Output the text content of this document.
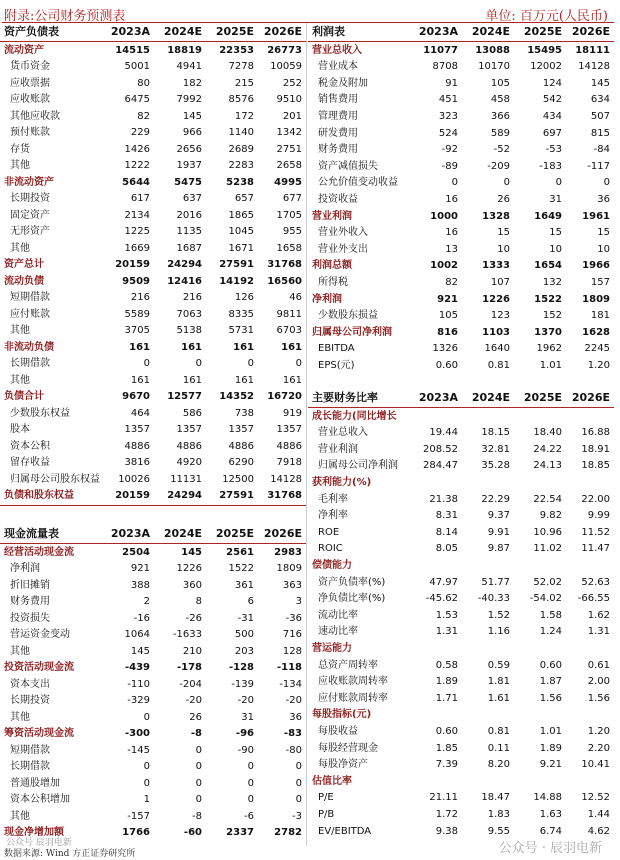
附录:公司财务预测表	单位: 百万元(人民币)
资产负债表	2023A	2024E	2025E 2026E
流动资产	14515	18819	22353	26773
货币资金	5001	4941	7278	10059
应收票据	80	182	215	252
应收账款	6475	7992	8576	9510
其他应收款	82	145	172	201
预付账款	229	966	1140	1342
存货	1426	2656	2689	2751
其他	1222	1937	2283	2658
非流动资产	5644	5475	5238	4995
长期投资	617	637	657	677
固定资产	2134	2016	1865	1705
无形资产	1225	1135	1045	955
其他	1669	1687	1671	1658
资产总计	20159	24294	27591	31768
流动负债	9509	12416	14192	16560
短期借款	216	216	126	46
应付账款	5589	7063	8335	9811
其他	3705	5138	5731	6703
非流动负债	161	161	161	161
长期借款	0	0	0	0
其他	161	161	161	161
负债合计	9670	12577	14352	16720
少数股东权益	464	586	738	919
股本	1357	1357	1357	1357
资本公积	4886	4886	4886	4886
留存收益	3816	4920	6290	7918
归属母公司股东权益	10026	11131	12500	14128
负债和股东权益	20159	24294	27591	31768
现金流量表	2023A	2024E	2025E 2026E
经营活动现金流	2504	145	2561	2983
净利润	921	1226	1522	1809
折旧摊销	388	360	361	363
财务费用	2	8	6	3
投资损失	-16	-26	-31	-36
营运资金变动	1064	-1633	500	716
其他	145	210	203	128
投资活动现金流	-439	-178	-128	-118
资本支出	-110	-204	-139	-134
长期投资	-329	-20	-20	-20
其他	0	26	31	36
筹资活动现金流	-300	-8	-96	-83
短期借款	-145	0	-90	-80
长期借款	0	0	0	0
普通股增加	0	0	0	0
资本公积增加	1	0	0	0
其他	-157	-8	-6	-3
现金净增加额	1766	-60	2337	2782
利润表	2023A	2024E	2025E 2026E
营业总收入	11077	13088	15495	18111
营业成本	8708	10170	12002	14128
税金及附加	91	105	124	145
销售费用	451	458	542	634
管理费用	323	366	434	507
研发费用	524	589	697	815
财务费用	-92	-52	-53	-84
资产减值损失	-89	-209	-183	-117
公允价值变动收益	0	0	0	0
投资收益	16	26	31	36
营业利润	1000	1328	1649	1961
营业外收入	16	15	15	15
营业外支出	13	10	10	10
利润总额	1002	1333	1654	1966
所得税	82	107	132	157
净利润	921	1226	1522	1809
少数股东损益	105	123	152	181
归属母公司净利润	816	1103	1370	1628
EBITDA	1326	1640	1962	2245
EPS(元)	0.60	0.81	1.01	1.20
主要财务比率	2023A	2024E	2025E 2026E
成长能力(同比增长
营业总收入	19.44	18.15	18.40	16.88
营业利润	208.52	32.81	24.22	18.91
归属母公司净利润	284.47	35.28	24.13	18.85
获利能力(%)
毛利率	21.38	22.29	22.54	22.00
净利率	8.31	9.37	9.82	9.99
ROE	8.14	9.91	10.96	11.52
ROIC	8.05	9.87	11.02	11.47
偿债能力
资产负债率(%)	47.97	51.77	52.02	52.63
净负债比率(%)	-45.62	-40.33	-54.02	-66.55
流动比率	1.53	1.52	1.58	1.62
速动比率	1.31	1.16	1.24	1.31
营运能力
总资产周转率	0.58	0.59	0.60	0.61
应收账款周转率	1.89	1.81	1.87	2.00
应付账款周转率	1.71	1.61	1.56	1.56
每股指标(元)
每股收益	0.60	0.81	1.01	1.20
每股经营现金	1.85	0.11	1.89	2.20
每股净资产	7.39	8.20	9.21	10.41
估值比率
P/E	21.11	18.47	14.88	12.52
P/B	1.72	1.83	1.63	1.44
EV/EBITDA	9.38	9.55	6.74	4.62
数据来源: Wind 方正证券研究所	公众号 · 辰羽电新
公众号 辰羽电新
